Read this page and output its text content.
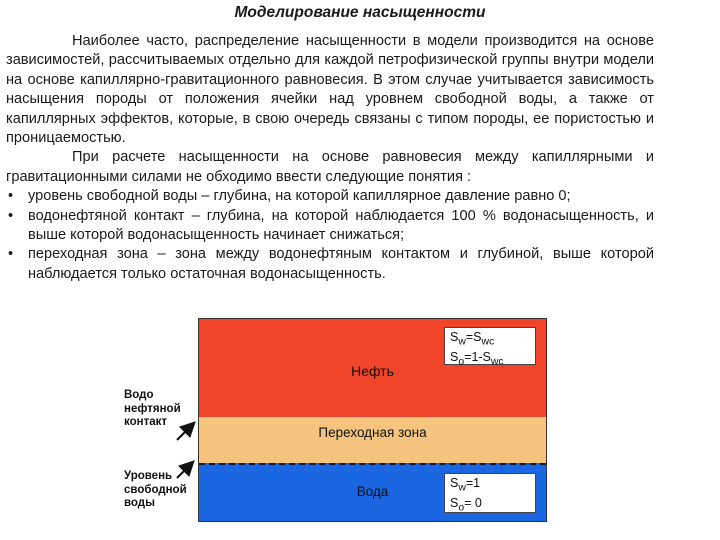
Моделирование насыщенности

Наиболее часто, распределение насыщенности в модели производится на основе зависимостей, рассчитываемых отдельно для каждой петрофизической группы внутри модели на основе капиллярно-гравитационного равновесия. В этом случае учитывается зависимость насыщения породы от положения ячейки над уровнем свободной воды, а также от капиллярных эффектов, которые, в свою очередь связаны с типом породы, ее пористостью и проницаемостью.

При расчете насыщенности на основе равновесия между капиллярными и гравитационными силами не обходимо ввести следующие понятия :

• уровень свободной воды – глубина, на которой капиллярное давление равно 0;
• водонефтяной контакт – глубина, на которой наблюдается 100 % водонасыщенность, и выше которой водонасыщенность начинает снижаться;
• переходная зона – зона между водонефтяным контактом и глубиной, выше которой наблюдается только остаточная водонасыщенность.
Нефть
Переходная зона
Вода
$S_w=S_{wc}$
$S_o=1-S_{wc}$
$S_w=1$
$S_o= 0$
Водо
нефтяной
контакт
Уровень
свободной
воды
